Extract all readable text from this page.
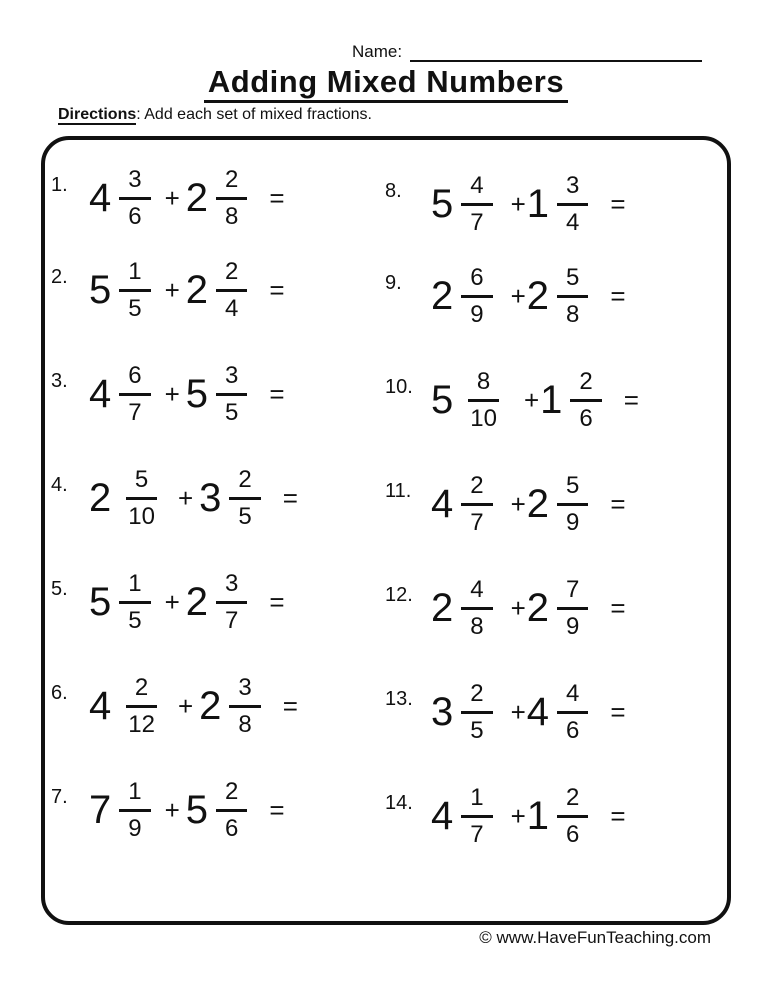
Name:
Adding Mixed Numbers
Directions: Add each set of mixed fractions.
1. $4 \frac{3}{6} + 2 \frac{2}{8}$ =
2. $5 \frac{1}{5} + 2 \frac{2}{4}$ =
3. $4 \frac{6}{7} + 5 \frac{3}{5}$ =
4. $2 \frac{5}{10} + 3 \frac{2}{5}$ =
5. $5 \frac{1}{5} + 2 \frac{3}{7}$ =
6. $4 \frac{2}{12} + 2 \frac{3}{8}$ =
7. $7 \frac{1}{9} + 5 \frac{2}{6}$ =
8. $5 \frac{4}{7} + 1 \frac{3}{4}$ =
9. $2 \frac{6}{9} + 2 \frac{5}{8}$ =
10. $5 \frac{8}{10} + 1 \frac{2}{6}$ =
11. $4 \frac{2}{7} + 2 \frac{5}{9}$ =
12. $2 \frac{4}{8} + 2 \frac{7}{9}$ =
13. $3 \frac{2}{5} + 4 \frac{4}{6}$ =
14. $4 \frac{1}{7} + 1 \frac{2}{6}$ =
© www.HaveFunTeaching.com
